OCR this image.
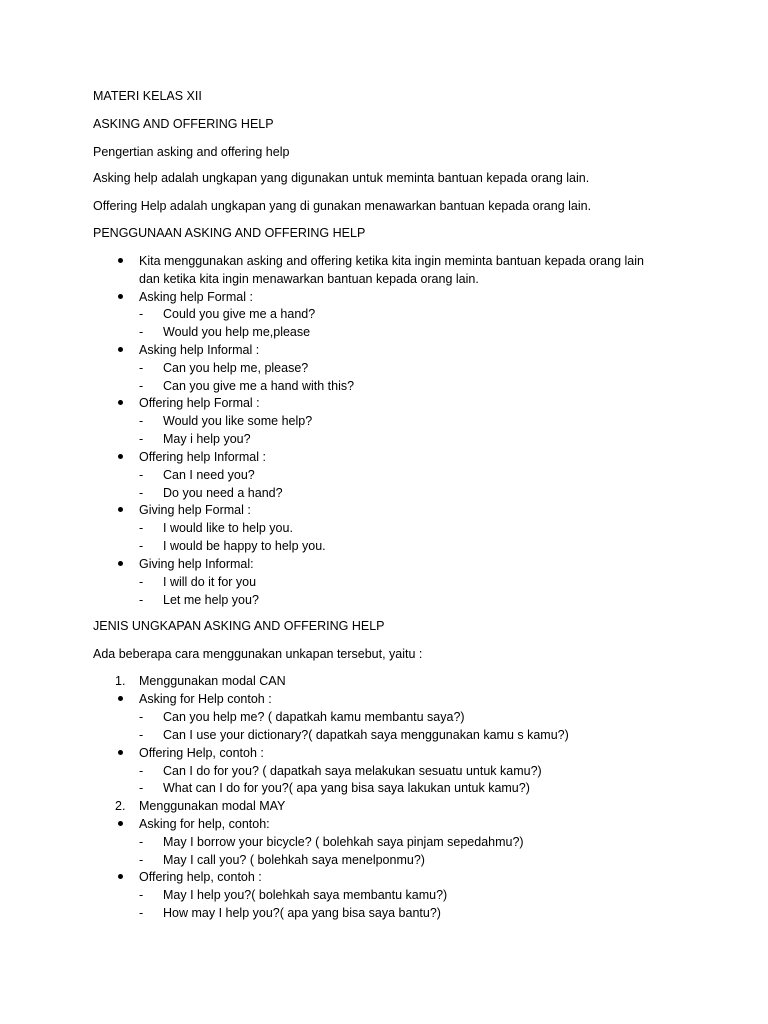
MATERI KELAS XII
ASKING AND OFFERING HELP
Pengertian asking and offering help
Asking help adalah ungkapan yang digunakan untuk meminta bantuan kepada orang lain.
Offering Help adalah ungkapan yang di gunakan menawarkan bantuan kepada orang lain.
PENGGUNAAN ASKING AND OFFERING HELP
Kita menggunakan asking and offering ketika kita ingin meminta bantuan kepada orang lain
dan ketika kita ingin menawarkan bantuan kepada orang lain.
Asking help Formal :
- Could you give me a hand?
- Would you help me,please
Asking help Informal :
- Can you help me, please?
- Can you give me a hand with this?
Offering help Formal :
- Would you like some help?
- May i help you?
Offering help Informal :
- Can I need you?
- Do you need a hand?
Giving help Formal :
- I would like to help you.
- I would be happy to help you.
Giving help Informal:
- I will do it for you
- Let me help you?
JENIS UNGKAPAN ASKING AND OFFERING HELP
Ada beberapa cara menggunakan unkapan tersebut, yaitu :
1. Menggunakan modal CAN
Asking for Help contoh :
- Can you help me? ( dapatkah kamu membantu saya?)
- Can I use your dictionary?( dapatkah saya menggunakan kamu s kamu?)
Offering Help, contoh :
- Can I do for you? ( dapatkah saya melakukan sesuatu untuk kamu?)
- What can I do for you?( apa yang bisa saya lakukan untuk kamu?)
2. Menggunakan modal MAY
Asking for help, contoh:
- May I borrow your bicycle? ( bolehkah saya pinjam sepedahmu?)
- May I call you? ( bolehkah saya menelponmu?)
Offering help, contoh :
- May I help you?( bolehkah saya membantu kamu?)
- How may I help you?( apa yang bisa saya bantu?)
